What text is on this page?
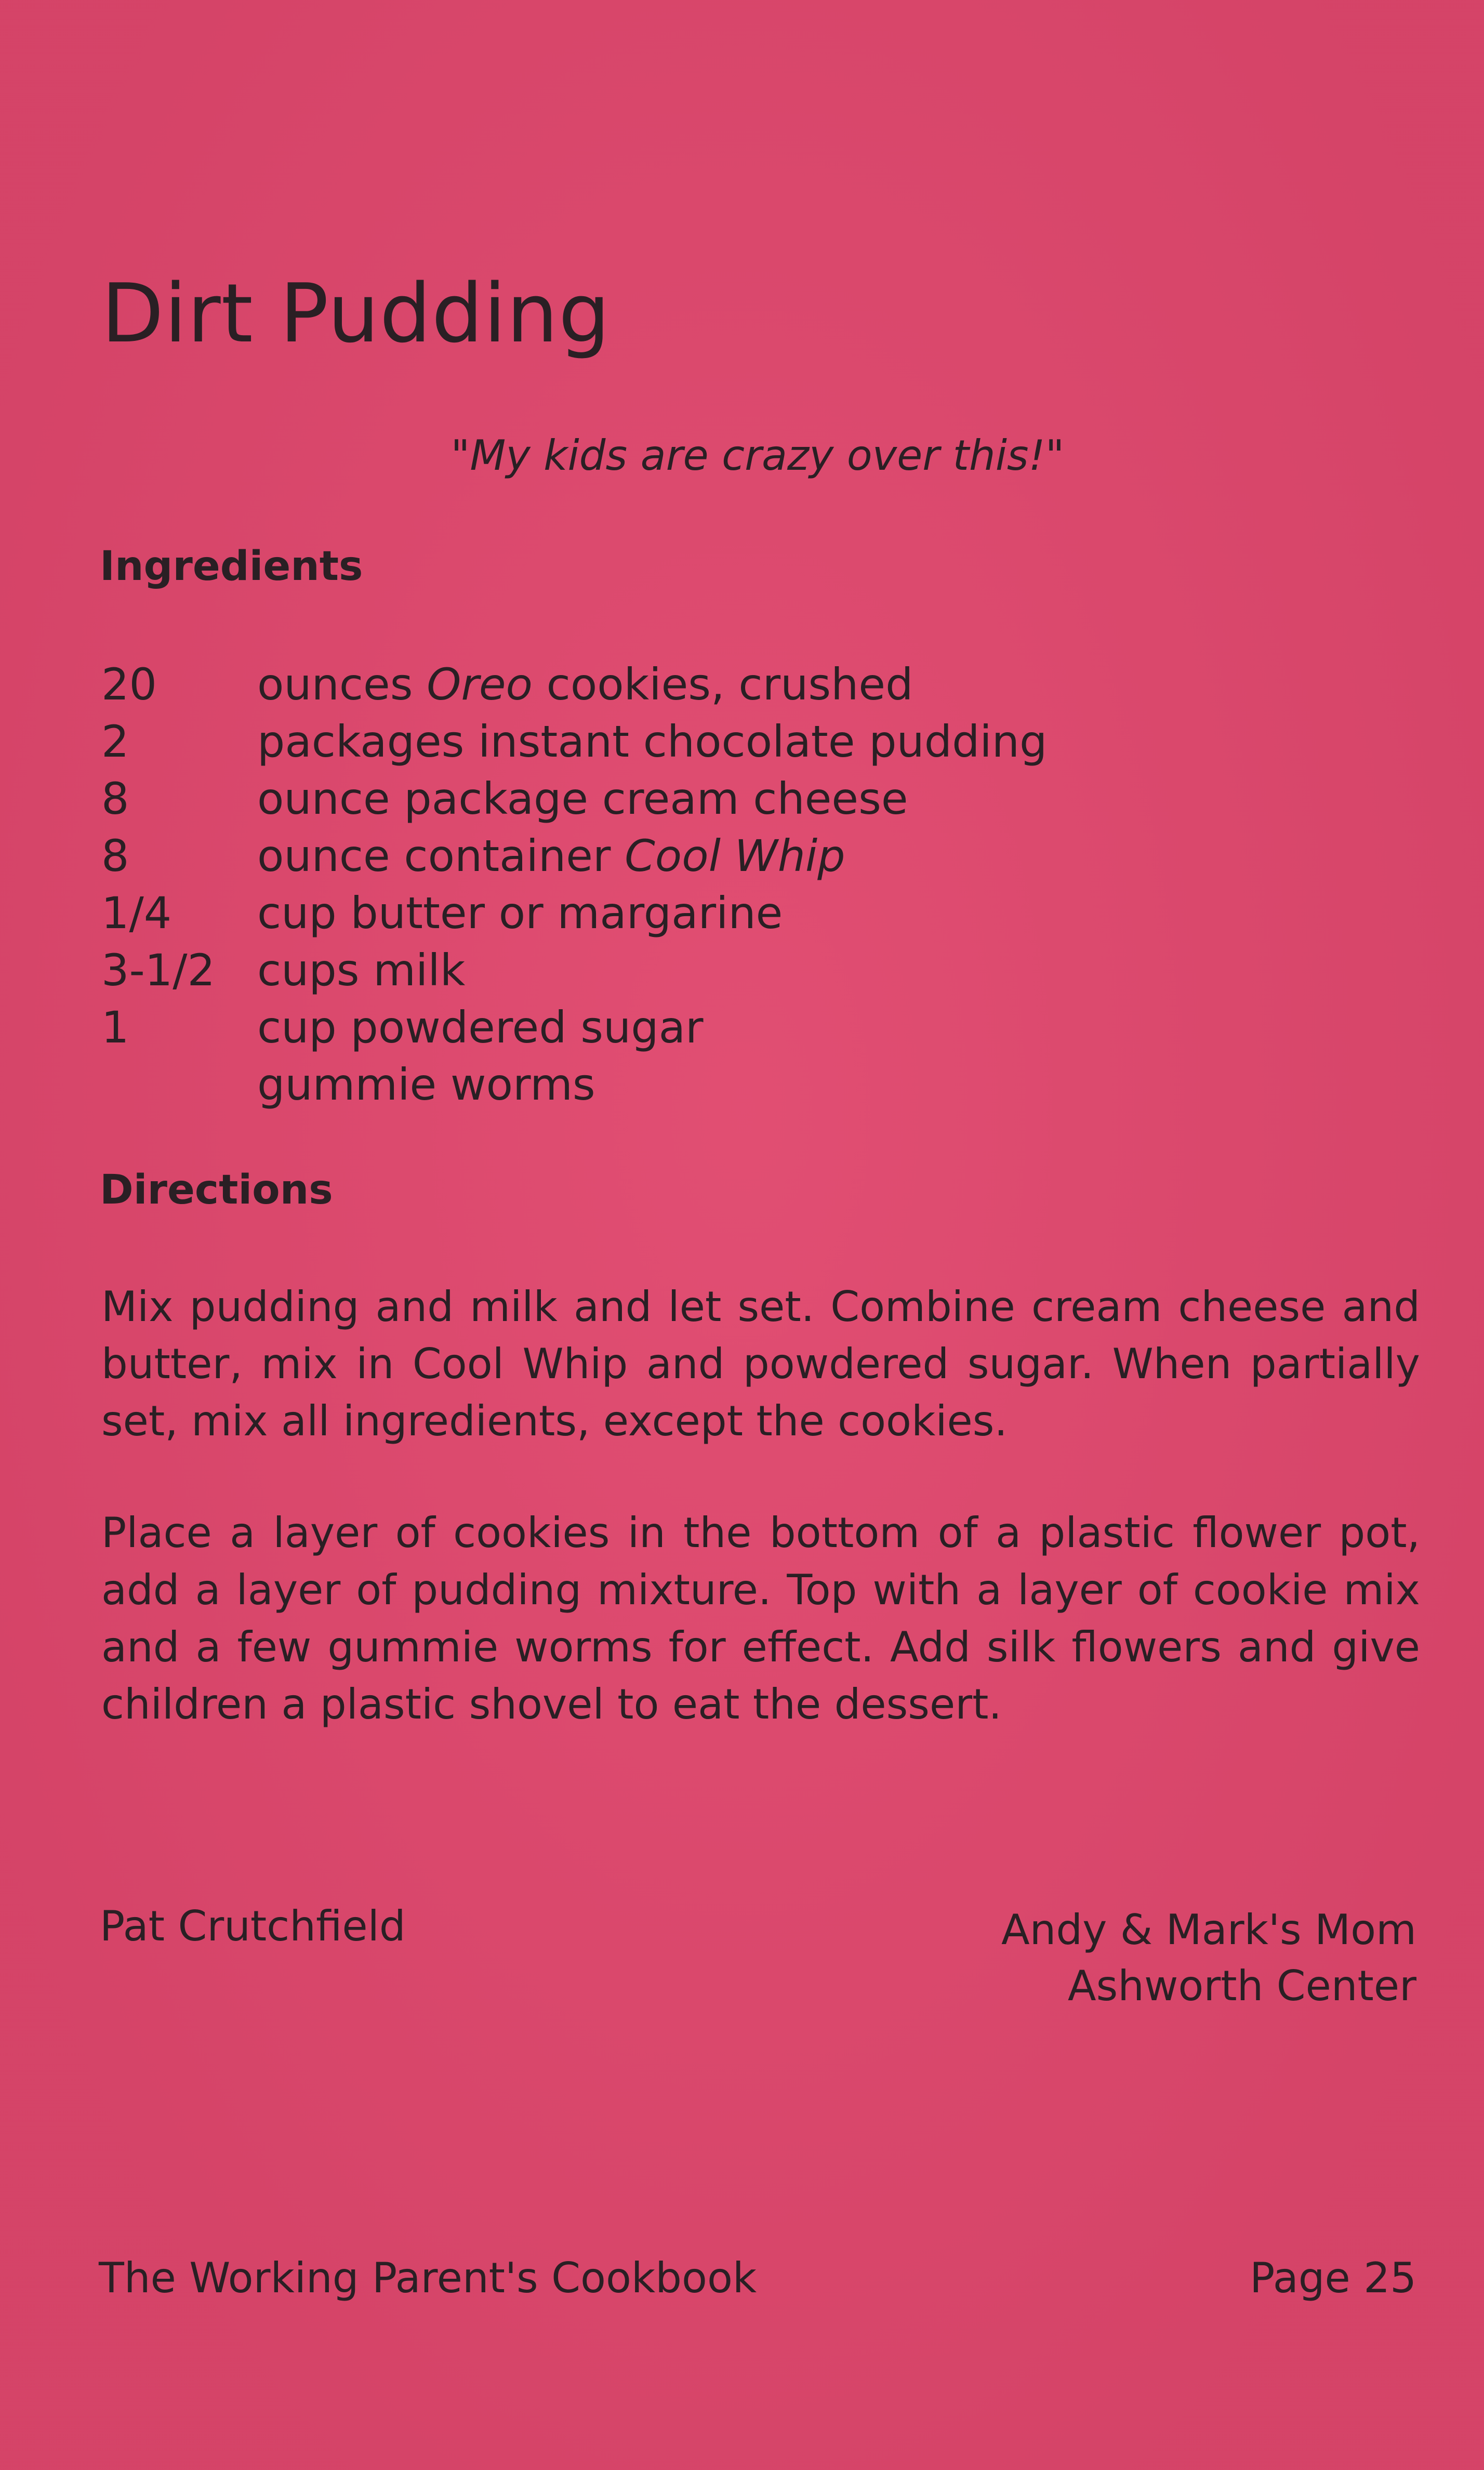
Dirt Pudding
"My kids are crazy over this!"
Ingredients
20	ounces Oreo cookies, crushed
2	packages instant chocolate pudding
8	ounce package cream cheese
8	ounce container Cool Whip
1/4	cup butter or margarine
3-1/2 cups milk
1	cup powdered sugar
gummie worms
Directions

Mix pudding and milk and let set. Combine cream cheese and butter, mix in Cool Whip and powdered sugar. When partially set, mix all ingredients, except the cookies.

Place a layer of cookies in the bottom of a plastic flower pot, add a layer of pudding mixture. Top with a layer of cookie mix and a few gummie worms for effect. Add silk flowers and give children a plastic shovel to eat the dessert.

Pat Crutchfield	Andy & Mark's Mom
Ashworth Center
The Working Parent's Cookbook	Page 25
